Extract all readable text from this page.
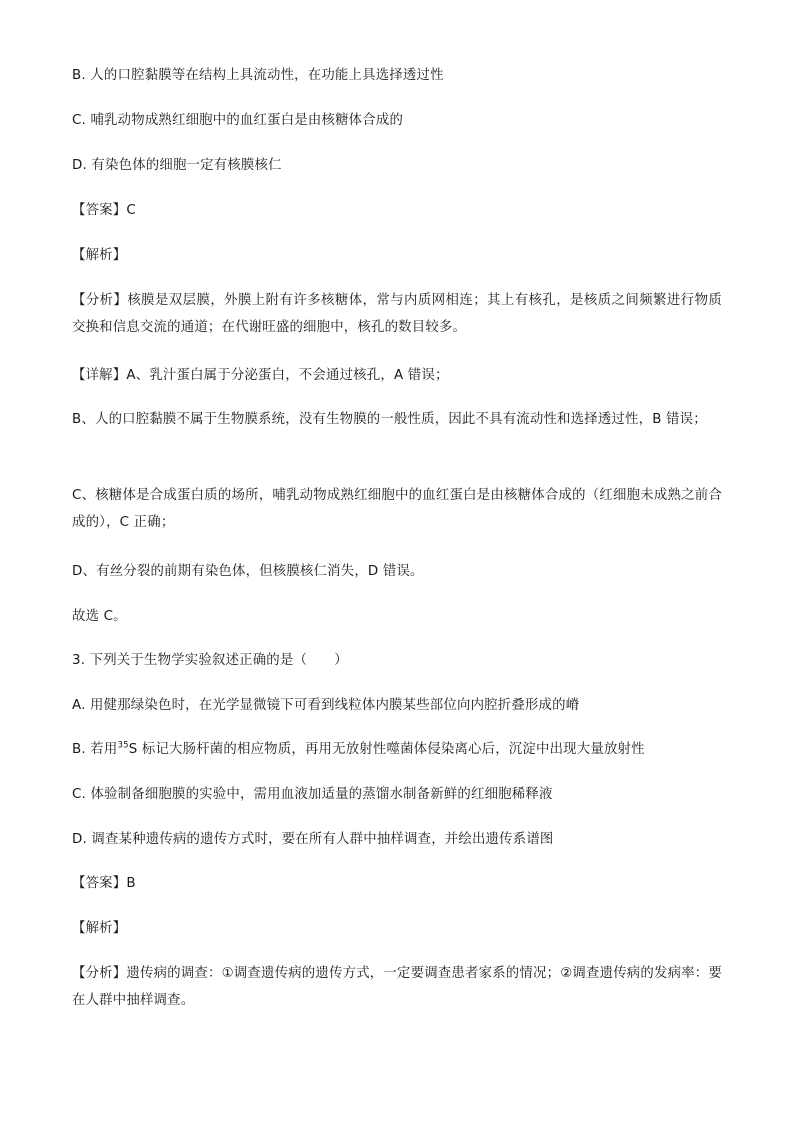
B. 人的口腔黏膜等在结构上具流动性，在功能上具选择透过性
C. 哺乳动物成熟红细胞中的血红蛋白是由核糖体合成的
D. 有染色体的细胞一定有核膜核仁
【答案】C
【解析】
【分析】核膜是双层膜，外膜上附有许多核糖体，常与内质网相连；其上有核孔，是核质之间频繁进行物质交换和信息交流的通道；在代谢旺盛的细胞中，核孔的数目较多。
【详解】A、乳汁蛋白属于分泌蛋白，不会通过核孔，A 错误；
B、人的口腔黏膜不属于生物膜系统，没有生物膜的一般性质，因此不具有流动性和选择透过性，B 错误；
C、核糖体是合成蛋白质的场所，哺乳动物成熟红细胞中的血红蛋白是由核糖体合成的（红细胞未成熟之前合成的），C 正确；
D、有丝分裂的前期有染色体，但核膜核仁消失，D 错误。
故选 C。
3. 下列关于生物学实验叙述正确的是（　　）
A. 用健那绿染色时，在光学显微镜下可看到线粒体内膜某些部位向内腔折叠形成的嵴
B. 若用$^{35}$S 标记大肠杆菌的相应物质，再用无放射性噬菌体侵染离心后，沉淀中出现大量放射性
C. 体验制备细胞膜的实验中，需用血液加适量的蒸馏水制备新鲜的红细胞稀释液
D. 调查某种遗传病的遗传方式时，要在所有人群中抽样调查，并绘出遗传系谱图
【答案】B
【解析】
【分析】遗传病的调查：①调查遗传病的遗传方式，一定要调查患者家系的情况；②调查遗传病的发病率：要在人群中抽样调查。
